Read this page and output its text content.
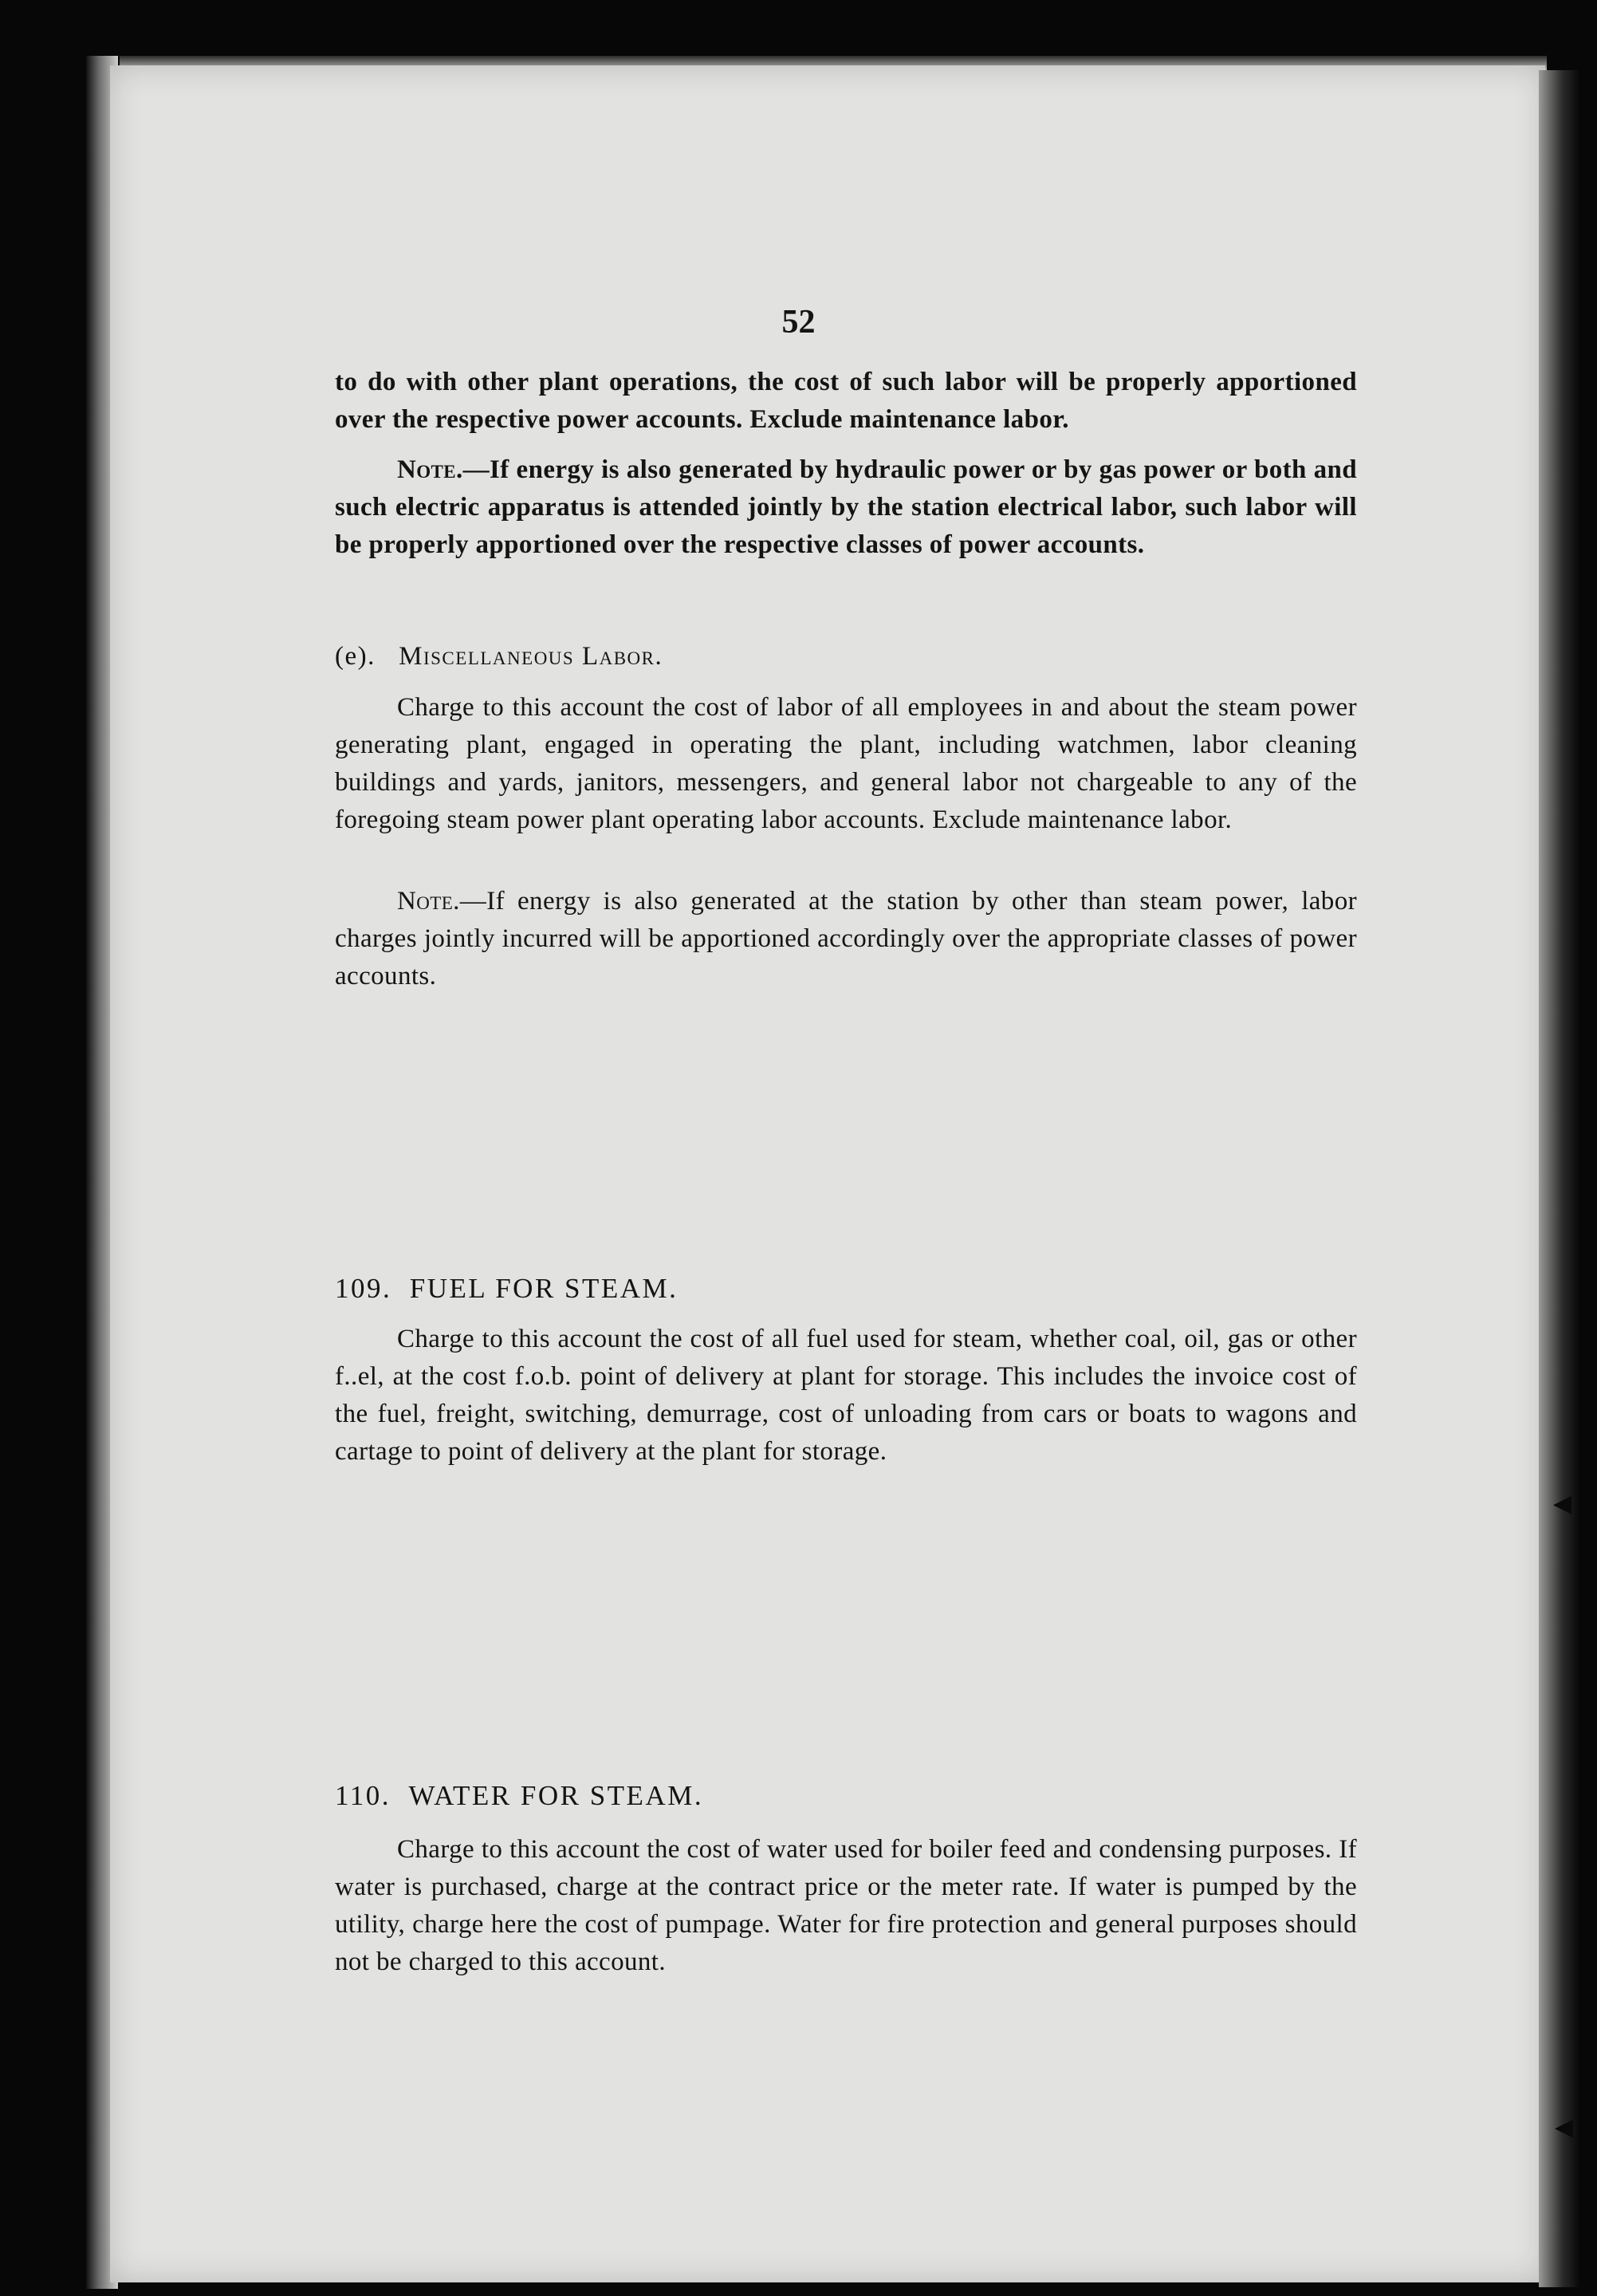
52

to do with other plant operations, the cost of such labor will be properly apportioned over the respective power accounts. Exclude maintenance labor.

Note.—If energy is also generated by hydraulic power or by gas power or both and such electric apparatus is attended jointly by the station electrical labor, such labor will be properly apportioned over the respective classes of power accounts.

(e). Miscellaneous Labor.

Charge to this account the cost of labor of all employees in and about the steam power generating plant, engaged in operating the plant, including watchmen, labor cleaning buildings and yards, janitors, messengers, and general labor not chargeable to any of the foregoing steam power plant operating labor accounts. Exclude maintenance labor.

Note.—If energy is also generated at the station by other than steam power, labor charges jointly incurred will be apportioned accordingly over the appropriate classes of power accounts.

109. FUEL FOR STEAM.

Charge to this account the cost of all fuel used for steam, whether coal, oil, gas or other f..el, at the cost f.o.b. point of delivery at plant for storage. This includes the invoice cost of the fuel, freight, switching, demurrage, cost of unloading from cars or boats to wagons and cartage to point of delivery at the plant for storage.

110. WATER FOR STEAM.

Charge to this account the cost of water used for boiler feed and condensing purposes. If water is purchased, charge at the contract price or the meter rate. If water is pumped by the utility, charge here the cost of pumpage. Water for fire protection and general purposes should not be charged to this account.

◀
◀
